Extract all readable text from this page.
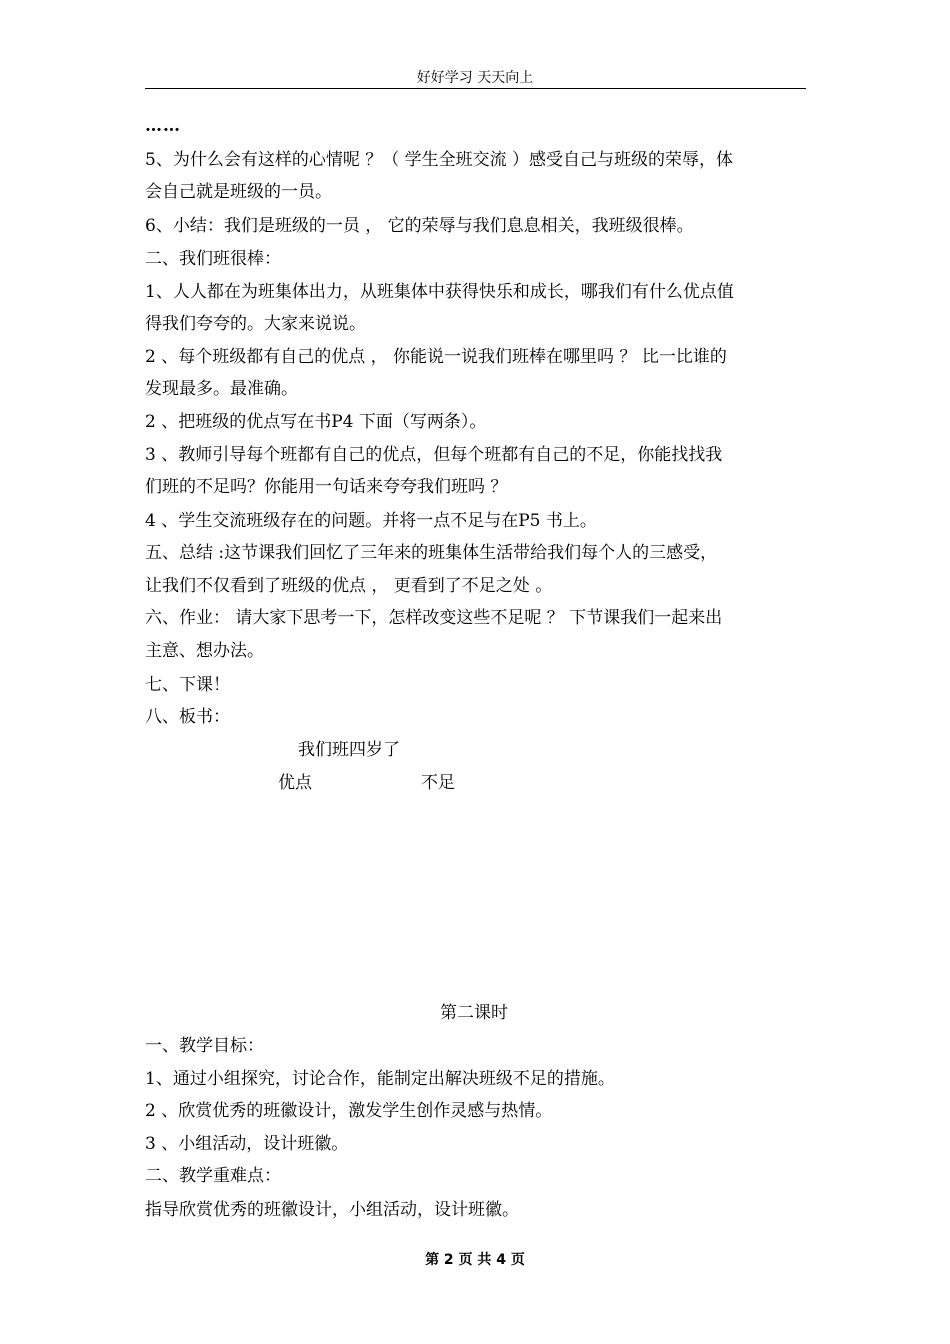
好好学习 天天向上
……
5、为什么会有这样的心情呢 ？（ 学生全班交流 ）感受自己与班级的荣辱，体
会自己就是班级的一员。
6、小结：我们是班级的一员 ， 它的荣辱与我们息息相关，我班级很棒。
二、我们班很棒：
1、人人都在为班集体出力，从班集体中获得快乐和成长，哪我们有什么优点值
得我们夸夸的。大家来说说。
2 、每个班级都有自己的优点 ， 你能说一说我们班棒在哪里吗 ？ 比一比谁的
发现最多。最准确。
2 、把班级的优点写在书P4 下面（写两条）。
3 、教师引导每个班都有自己的优点，但每个班都有自己的不足，你能找找我
们班的不足吗？你能用一句话来夸夸我们班吗 ？
4 、学生交流班级存在的问题。并将一点不足与在P5 书上。
五、总结 :这节课我们回忆了三年来的班集体生活带给我们每个人的三感受，
让我们不仅看到了班级的优点 ， 更看到了不足之处 。
六、作业： 请大家下思考一下，怎样改变这些不足呢 ？ 下节课我们一起来出
主意、想办法。
七、下课！
八、板书：
我们班四岁了
优点	不足
第二课时
一、教学目标：
1、通过小组探究，讨论合作，能制定出解决班级不足的措施。
2 、欣赏优秀的班徽设计，激发学生创作灵感与热情。
3 、小组活动，设计班徽。
二、教学重难点：
指导欣赏优秀的班徽设计，小组活动，设计班徽。
第 2 页 共 4 页
